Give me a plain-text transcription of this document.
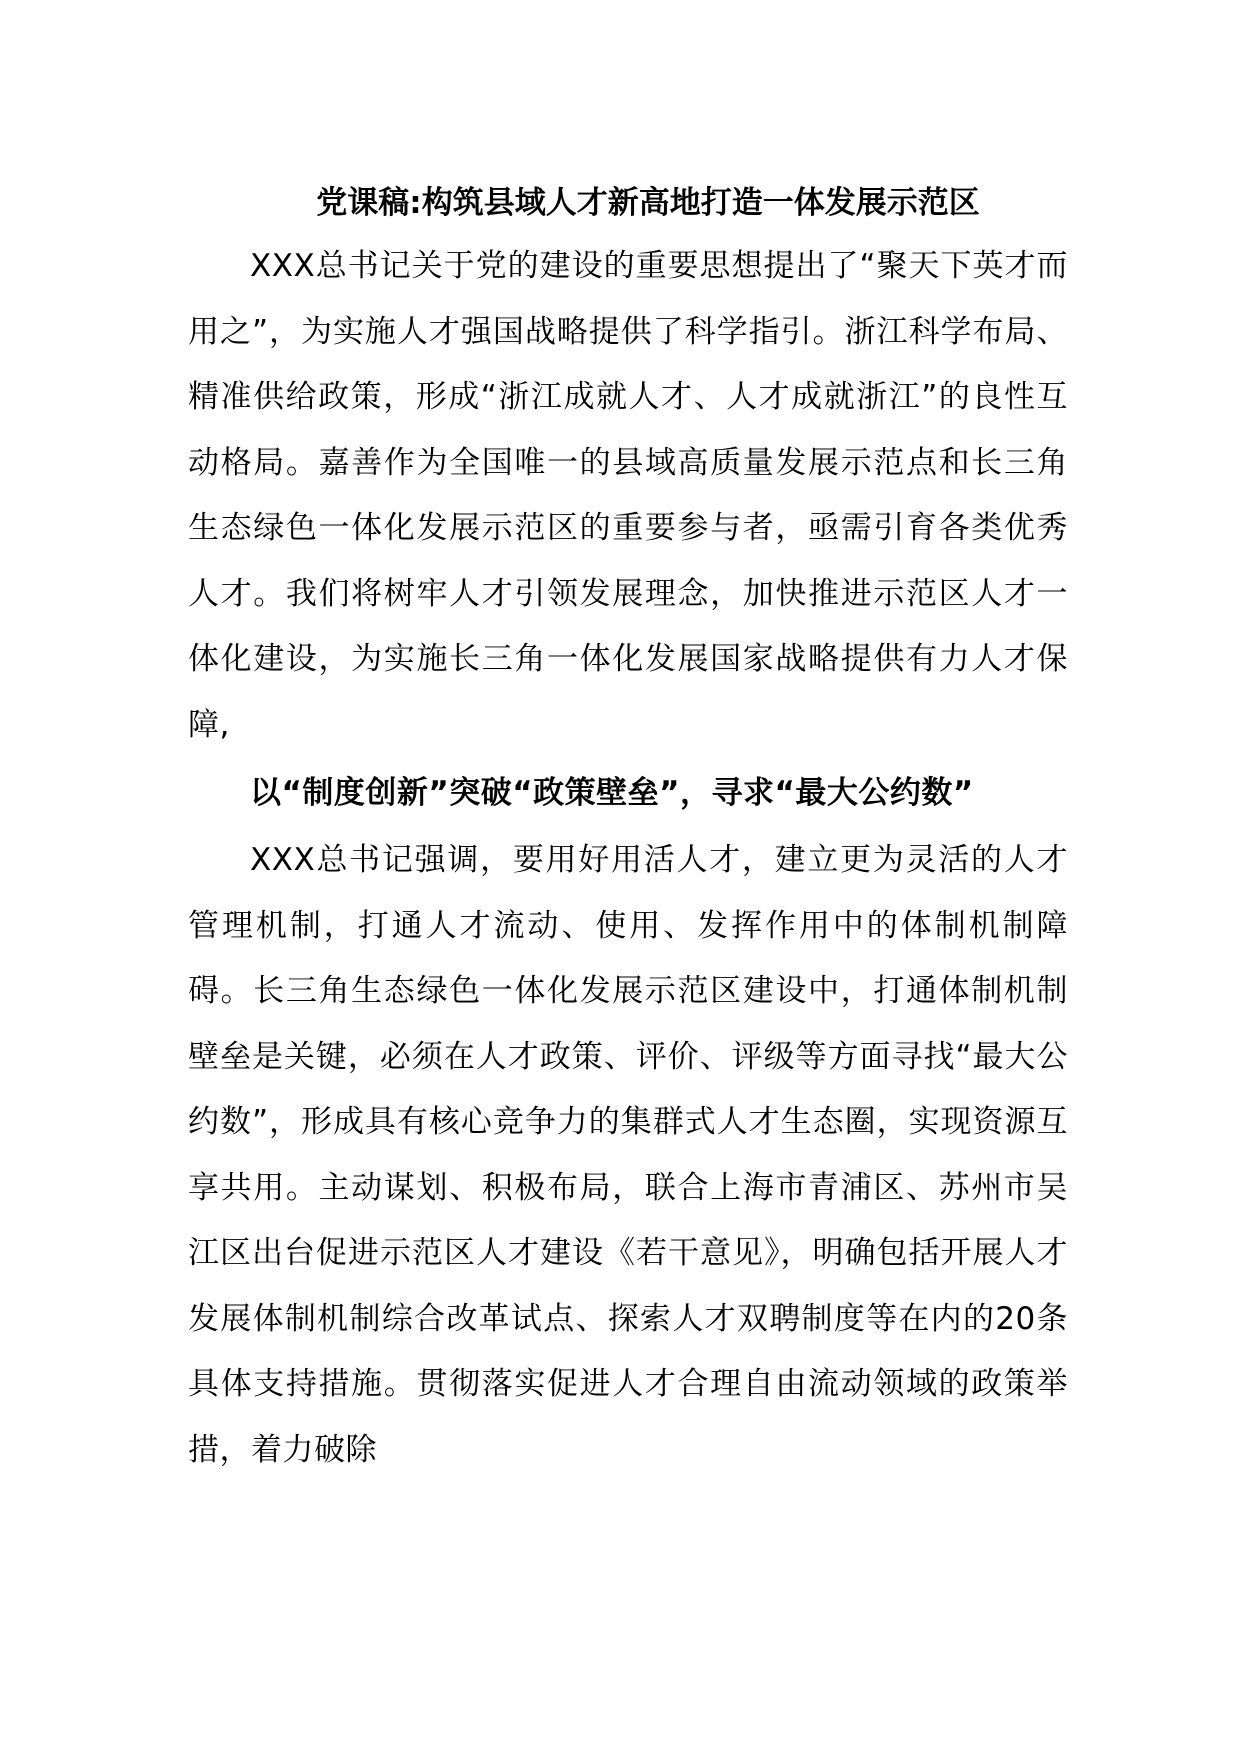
党课稿:构筑县域人才新高地打造一体发展示范区

XXX总书记关于党的建设的重要思想提出了“聚天下英才而用之”，为实施人才强国战略提供了科学指引。浙江科学布局、精准供给政策，形成“浙江成就人才、人才成就浙江”的良性互动格局。嘉善作为全国唯一的县域高质量发展示范点和长三角生态绿色一体化发展示范区的重要参与者，亟需引育各类优秀人才。我们将树牢人才引领发展理念，加快推进示范区人才一体化建设，为实施长三角一体化发展国家战略提供有力人才保障,

以“制度创新”突破“政策壁垒”，寻求“最大公约数”

XXX总书记强调，要用好用活人才，建立更为灵活的人才管理机制，打通人才流动、使用、发挥作用中的体制机制障碍。长三角生态绿色一体化发展示范区建设中，打通体制机制壁垒是关键，必须在人才政策、评价、评级等方面寻找“最大公约数”，形成具有核心竞争力的集群式人才生态圈，实现资源互享共用。主动谋划、积极布局，联合上海市青浦区、苏州市吴江区出台促进示范区人才建设《若干意见》，明确包括开展人才发展体制机制综合改革试点、探索人才双聘制度等在内的20条具体支持措施。贯彻落实促进人才合理自由流动领域的政策举措，着力破除
